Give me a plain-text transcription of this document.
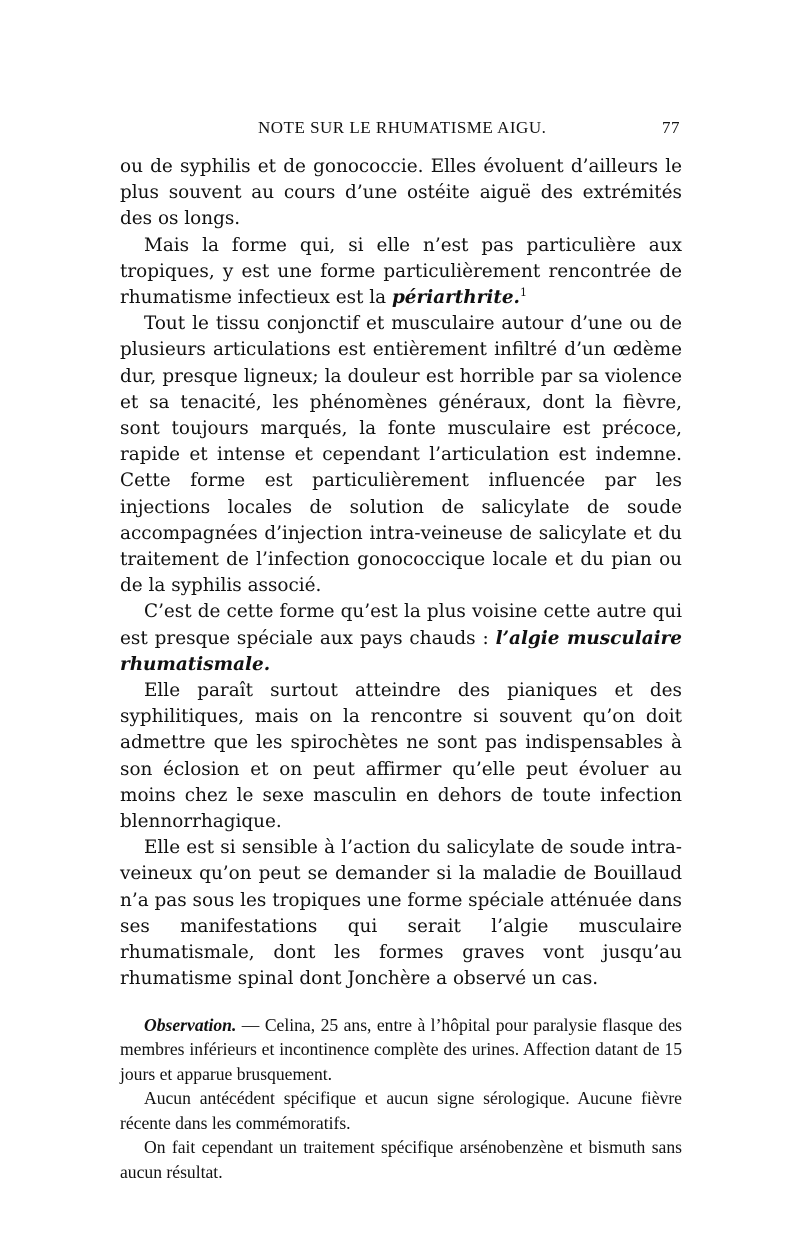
NOTE SUR LE RHUMATISME AIGU.	77

ou de syphilis et de gonococcie. Elles évoluent d’ailleurs le plus souvent au cours d’une ostéite aiguë des extrémités des os longs.

Mais la forme qui, si elle n’est pas particulière aux tropiques, y est une forme particulièrement rencontrée de rhumatisme infectieux est la périarthrite.$^1$

Tout le tissu conjonctif et musculaire autour d’une ou de plusieurs articulations est entièrement infiltré d’un œdème dur, presque ligneux; la douleur est horrible par sa violence et sa tenacité, les phénomènes généraux, dont la fièvre, sont toujours marqués, la fonte musculaire est précoce, rapide et intense et cependant l’articulation est indemne. Cette forme est particulièrement influencée par les injections locales de solution de salicylate de soude accompagnées d’injection intra-veineuse de salicylate et du traitement de l’infection gonococcique locale et du pian ou de la syphilis associé.

C’est de cette forme qu’est la plus voisine cette autre qui est presque spéciale aux pays chauds : l’algie musculaire rhumatismale.

Elle paraît surtout atteindre des pianiques et des syphilitiques, mais on la rencontre si souvent qu’on doit admettre que les spirochètes ne sont pas indispensables à son éclosion et on peut affirmer qu’elle peut évoluer au moins chez le sexe masculin en dehors de toute infection blennorrhagique.

Elle est si sensible à l’action du salicylate de soude intra-veineux qu’on peut se demander si la maladie de Bouillaud n’a pas sous les tropiques une forme spéciale atténuée dans ses manifestations qui serait l’algie musculaire rhumatismale, dont les formes graves vont jusqu’au rhumatisme spinal dont Jonchère a observé un cas.

Observation. — Celina, 25 ans, entre à l’hôpital pour paralysie flasque des membres inférieurs et incontinence complète des urines. Affection datant de 15 jours et apparue brusquement.

Aucun antécédent spécifique et aucun signe sérologique. Aucune fièvre récente dans les commémoratifs.

On fait cependant un traitement spécifique arsénobenzène et bismuth sans aucun résultat.
